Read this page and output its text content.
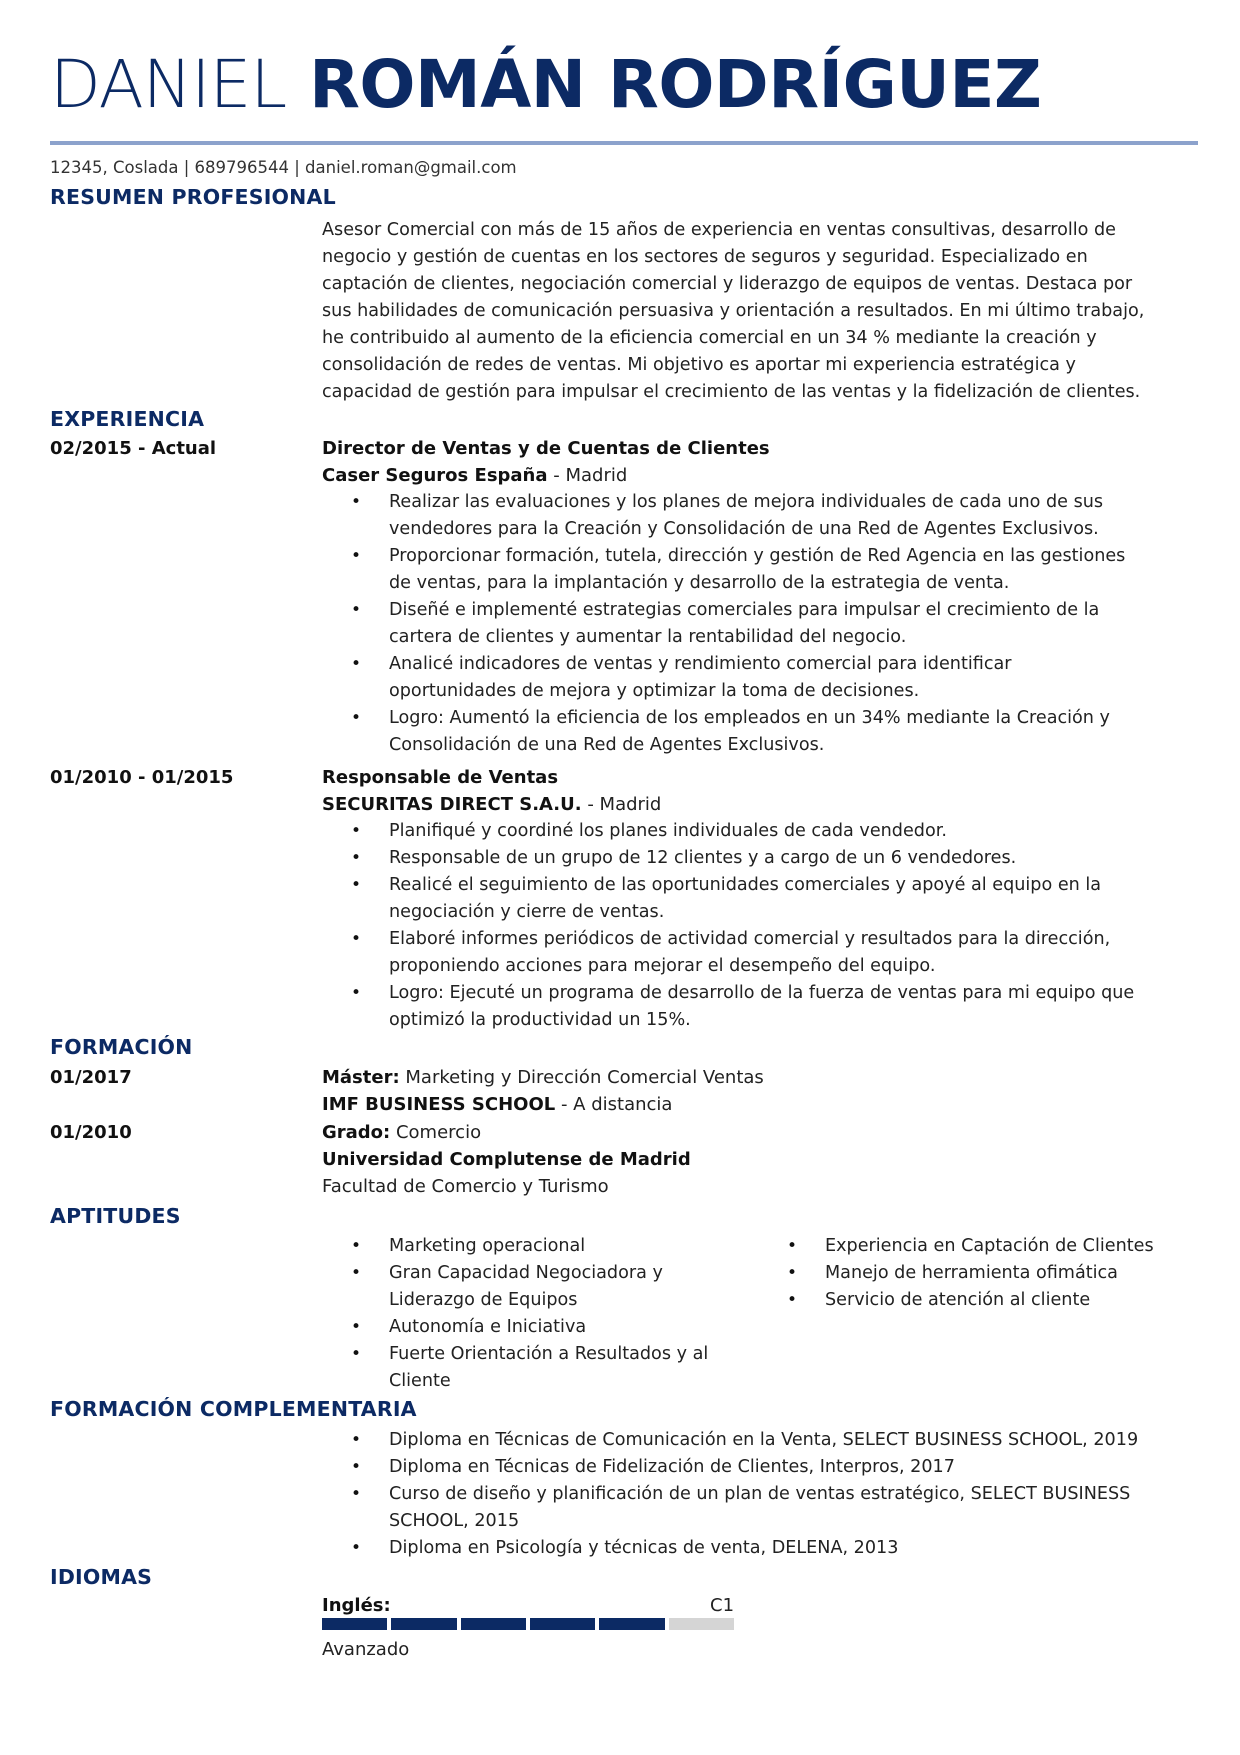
DANIEL ROMÁN RODRÍGUEZ
12345, Coslada | 689796544 | daniel.roman@gmail.com
RESUMEN PROFESIONAL
Asesor Comercial con más de 15 años de experiencia en ventas consultivas, desarrollo de
negocio y gestión de cuentas en los sectores de seguros y seguridad. Especializado en
captación de clientes, negociación comercial y liderazgo de equipos de ventas. Destaca por
sus habilidades de comunicación persuasiva y orientación a resultados. En mi último trabajo,
he contribuido al aumento de la eficiencia comercial en un 34 % mediante la creación y
consolidación de redes de ventas. Mi objetivo es aportar mi experiencia estratégica y
capacidad de gestión para impulsar el crecimiento de las ventas y la fidelización de clientes.
EXPERIENCIA
02/2015 - Actual	Director de Ventas y de Cuentas de Clientes
Caser Seguros España - Madrid
• Realizar las evaluaciones y los planes de mejora individuales de cada uno de sus
vendedores para la Creación y Consolidación de una Red de Agentes Exclusivos.
• Proporcionar formación, tutela, dirección y gestión de Red Agencia en las gestiones
de ventas, para la implantación y desarrollo de la estrategia de venta.
• Diseñé e implementé estrategias comerciales para impulsar el crecimiento de la
cartera de clientes y aumentar la rentabilidad del negocio.
• Analicé indicadores de ventas y rendimiento comercial para identificar
oportunidades de mejora y optimizar la toma de decisiones.
• Logro: Aumentó la eficiencia de los empleados en un 34% mediante la Creación y
Consolidación de una Red de Agentes Exclusivos.
01/2010 - 01/2015	Responsable de Ventas
SECURITAS DIRECT S.A.U. - Madrid
• Planifiqué y coordiné los planes individuales de cada vendedor.
• Responsable de un grupo de 12 clientes y a cargo de un 6 vendedores.
• Realicé el seguimiento de las oportunidades comerciales y apoyé al equipo en la
negociación y cierre de ventas.
• Elaboré informes periódicos de actividad comercial y resultados para la dirección,
proponiendo acciones para mejorar el desempeño del equipo.
• Logro: Ejecuté un programa de desarrollo de la fuerza de ventas para mi equipo que
optimizó la productividad un 15%.
FORMACIÓN
01/2017	Máster: Marketing y Dirección Comercial Ventas
IMF BUSINESS SCHOOL - A distancia
01/2010	Grado: Comercio
Universidad Complutense de Madrid
Facultad de Comercio y Turismo
APTITUDES
• Marketing operacional
• Gran Capacidad Negociadora y
Liderazgo de Equipos
• Autonomía e Iniciativa
• Fuerte Orientación a Resultados y al
Cliente
• Experiencia en Captación de Clientes
• Manejo de herramienta ofimática
• Servicio de atención al cliente
FORMACIÓN COMPLEMENTARIA
• Diploma en Técnicas de Comunicación en la Venta, SELECT BUSINESS SCHOOL, 2019
• Diploma en Técnicas de Fidelización de Clientes, Interpros, 2017
• Curso de diseño y planificación de un plan de ventas estratégico, SELECT BUSINESS
SCHOOL, 2015
• Diploma en Psicología y técnicas de venta, DELENA, 2013
IDIOMAS
Inglés:	C1
Avanzado
